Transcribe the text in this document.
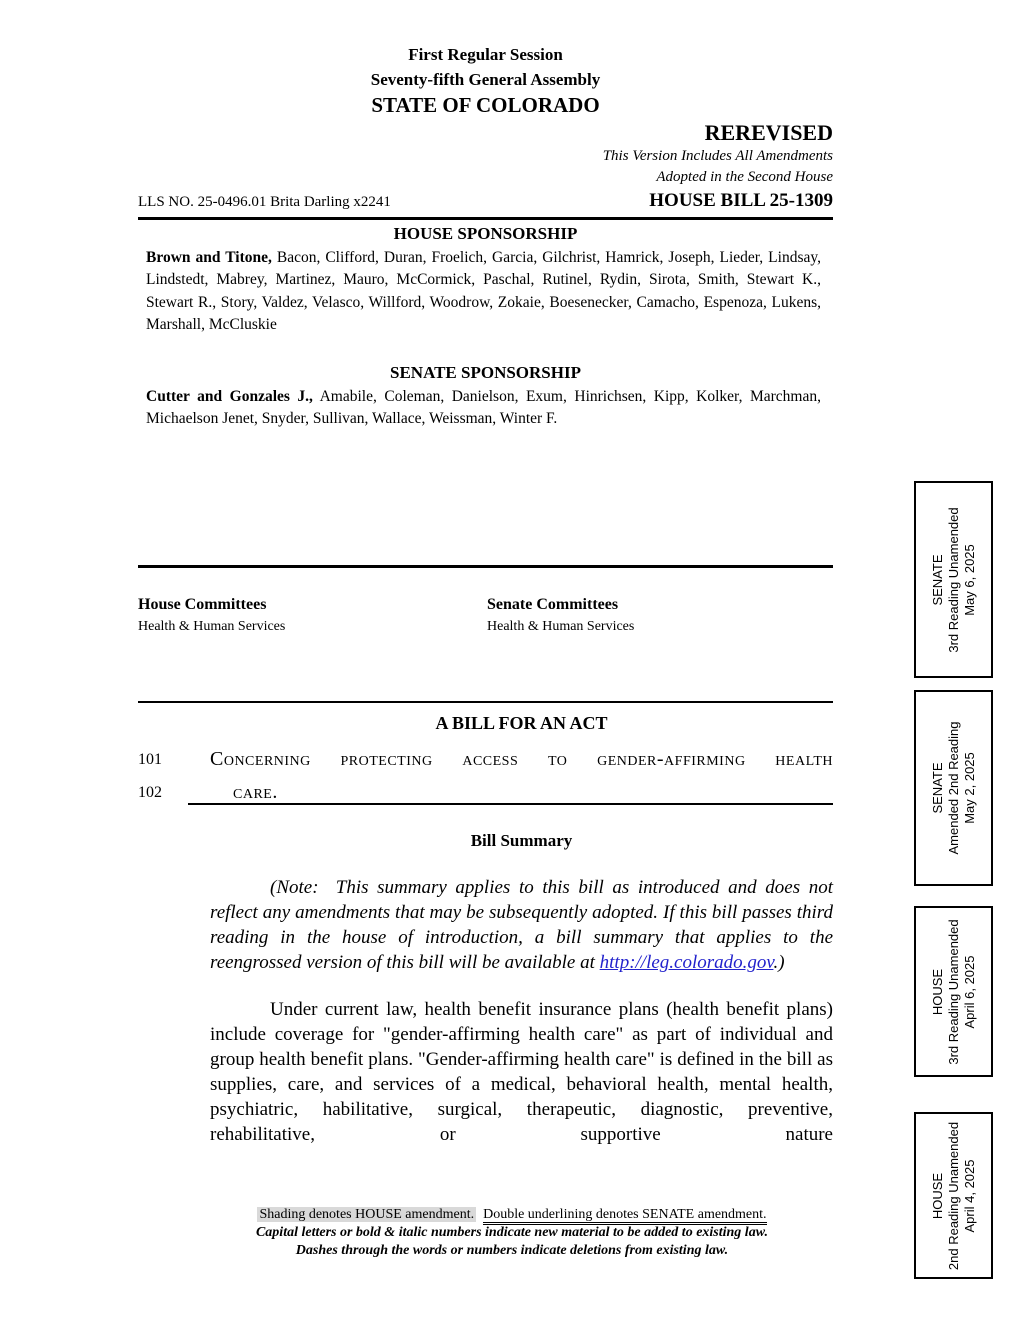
First Regular Session
Seventy-fifth General Assembly
STATE OF COLORADO
REREVISED
This Version Includes All Amendments
Adopted in the Second House
LLS NO. 25-0496.01 Brita Darling x2241	HOUSE BILL 25-1309
HOUSE SPONSORSHIP

Brown and Titone, Bacon, Clifford, Duran, Froelich, Garcia, Gilchrist, Hamrick, Joseph, Lieder, Lindsay, Lindstedt, Mabrey, Martinez, Mauro, McCormick, Paschal, Rutinel, Rydin, Sirota, Smith, Stewart K., Stewart R., Story, Valdez, Velasco, Willford, Woodrow, Zokaie, Boesenecker, Camacho, Espenoza, Lukens, Marshall, McCluskie

SENATE SPONSORSHIP

Cutter and Gonzales J., Amabile, Coleman, Danielson, Exum, Hinrichsen, Kipp, Kolker, Marchman, Michaelson Jenet, Snyder, Sullivan, Wallace, Weissman, Winter F.

House Committees
Health & Human Services
Senate Committees
Health & Human Services
A BILL FOR AN ACT
101	Concerning protecting access to gender-affirming health
102	care.
Bill Summary

(Note:  This summary applies to this bill as introduced and does not reflect any amendments that may be subsequently adopted. If this bill passes third reading in the house of introduction, a bill summary that applies to the reengrossed version of this bill will be available at http://leg.colorado.gov.)

Under current law, health benefit insurance plans (health benefit plans) include coverage for "gender-affirming health care" as part of individual and group health benefit plans. "Gender-affirming health care" is defined in the bill as supplies, care, and services of a medical, behavioral health, mental health, psychiatric, habilitative, surgical, therapeutic, diagnostic, preventive, rehabilitative, or supportive nature

Shading denotes HOUSE amendment. Double underlining denotes SENATE amendment.
Capital letters or bold & italic numbers indicate new material to be added to existing law.
Dashes through the words or numbers indicate deletions from existing law.
SENATE 3rd Reading Unamended May 6, 2025
SENATE Amended 2nd Reading May 2, 2025
HOUSE 3rd Reading Unamended April 6, 2025
HOUSE 2nd Reading Unamended April 4, 2025
